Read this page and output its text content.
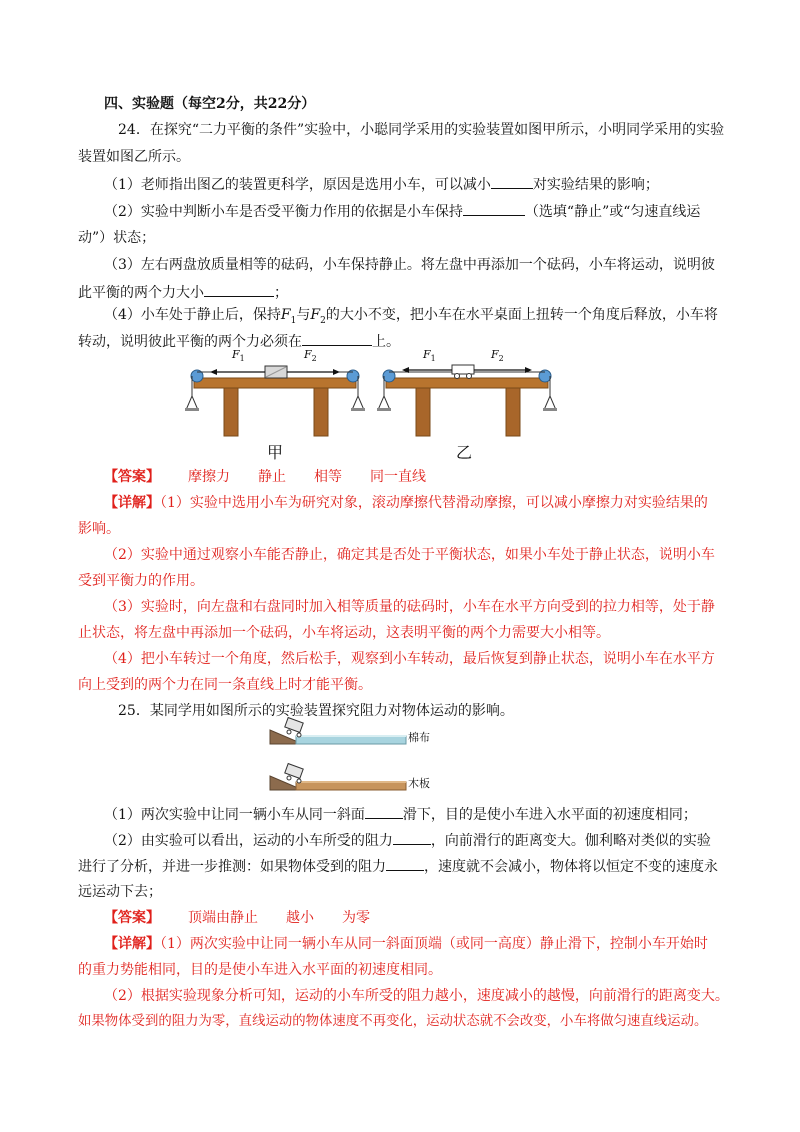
四、实验题（每空2分，共22分）
24．在探究“二力平衡的条件”实验中，小聪同学采用的实验装置如图甲所示，小明同学采用的实验
装置如图乙所示。
（1）老师指出图乙的装置更科学，原因是选用小车，可以减小	对实验结果的影响；
（2）实验中判断小车是否受平衡力作用的依据是小车保持	（选填“静止”或“匀速直线运
动”）状态；
（3）左右两盘放质量相等的砝码，小车保持静止。将左盘中再添加一个砝码，小车将运动，说明彼
此平衡的两个力大小	；
（4）小车处于静止后，保持$F_1$与$F_2$的大小不变，把小车在水平桌面上扭转一个角度后释放，小车将
转动，说明彼此平衡的两个力必须在	上。
$F_1$	$F_2$
甲
$F_1$	$F_2$
乙
【答案】 摩擦力 静止 相等 同一直线
【详解】（1）实验中选用小车为研究对象，滚动摩擦代替滑动摩擦，可以减小摩擦力对实验结果的
影响。
（2）实验中通过观察小车能否静止，确定其是否处于平衡状态，如果小车处于静止状态，说明小车
受到平衡力的作用。
（3）实验时，向左盘和右盘同时加入相等质量的砝码时，小车在水平方向受到的拉力相等，处于静
止状态，将左盘中再添加一个砝码，小车将运动，这表明平衡的两个力需要大小相等。
（4）把小车转过一个角度，然后松手，观察到小车转动，最后恢复到静止状态，说明小车在水平方
向上受到的两个力在同一条直线上时才能平衡。
25．某同学用如图所示的实验装置探究阻力对物体运动的影响。
棉布
木板
（1）两次实验中让同一辆小车从同一斜面	滑下，目的是使小车进入水平面的初速度相同；
（2）由实验可以看出，运动的小车所受的阻力	，向前滑行的距离变大。伽利略对类似的实验
进行了分析，并进一步推测：如果物体受到的阻力	，速度就不会减小，物体将以恒定不变的速度永
远运动下去；
【答案】 顶端由静止 越小 为零
【详解】（1）两次实验中让同一辆小车从同一斜面顶端（或同一高度）静止滑下，控制小车开始时
的重力势能相同，目的是使小车进入水平面的初速度相同。
（2）根据实验现象分析可知，运动的小车所受的阻力越小，速度减小的越慢，向前滑行的距离变大。
如果物体受到的阻力为零，直线运动的物体速度不再变化，运动状态就不会改变，小车将做匀速直线运动。
